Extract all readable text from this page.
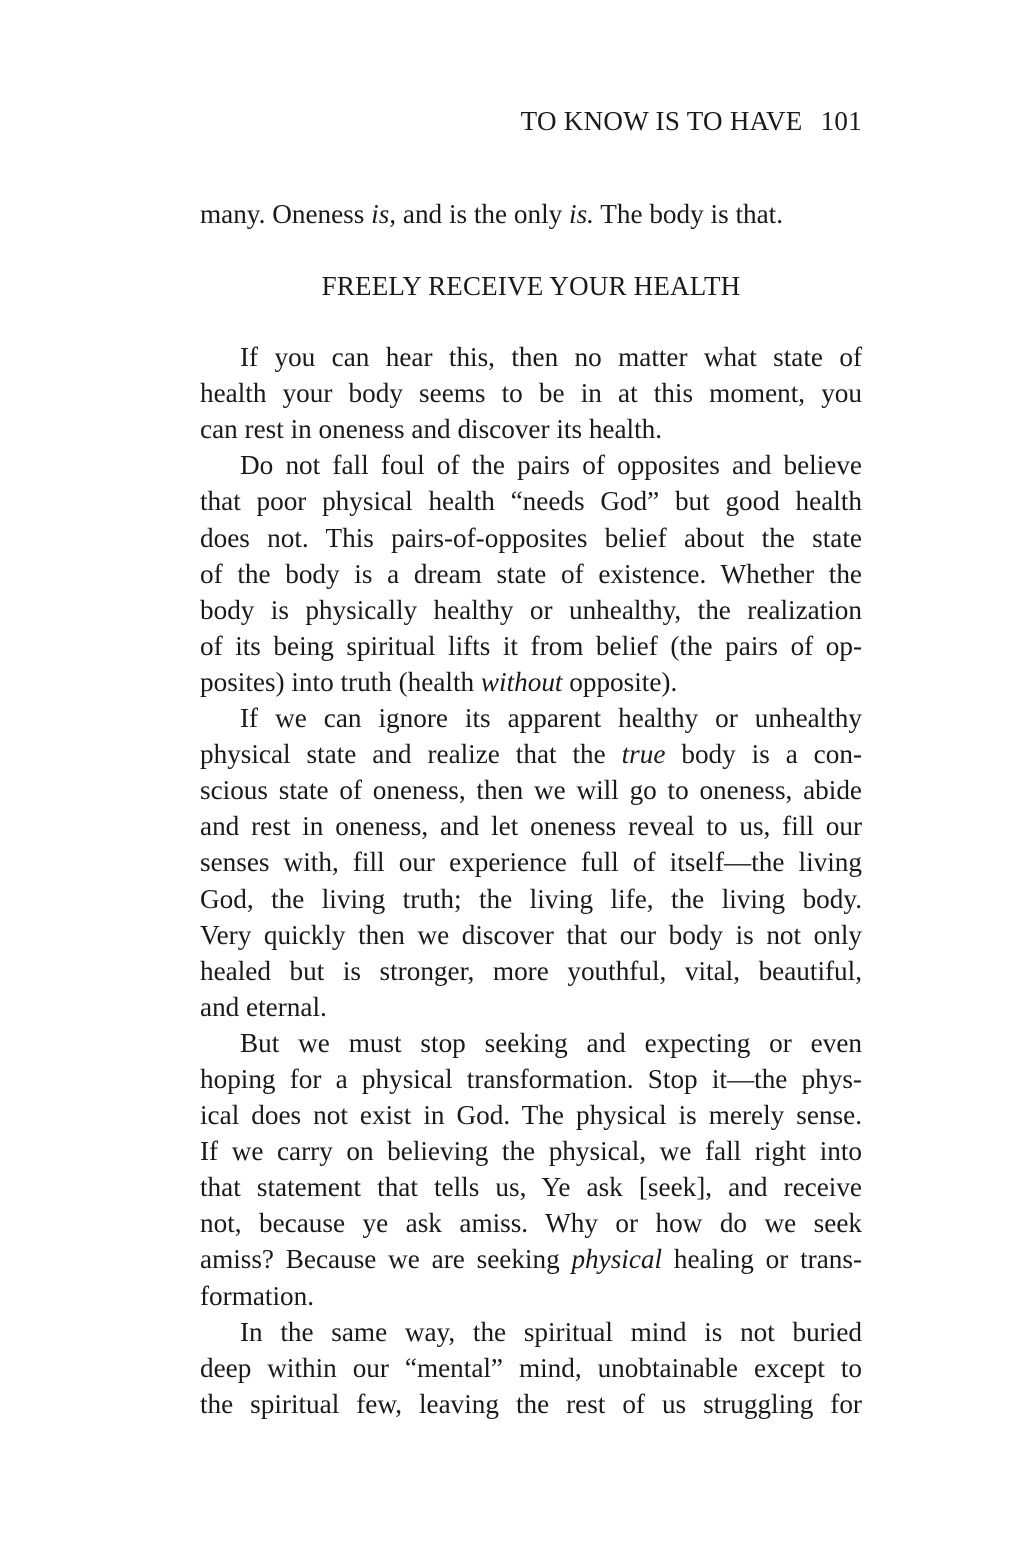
TO KNOW IS TO HAVE 101
many. Oneness is, and is the only is. The body is that.
FREELY RECEIVE YOUR HEALTH
If you can hear this, then no matter what state of
health your body seems to be in at this moment, you
can rest in oneness and discover its health.
Do not fall foul of the pairs of opposites and believe
that poor physical health “needs God” but good health
does not. This pairs-of-opposites belief about the state
of the body is a dream state of existence. Whether the
body is physically healthy or unhealthy, the realization
of its being spiritual lifts it from belief (the pairs of op-
posites) into truth (health without opposite).
If we can ignore its apparent healthy or unhealthy
physical state and realize that the true body is a con-
scious state of oneness, then we will go to oneness, abide
and rest in oneness, and let oneness reveal to us, fill our
senses with, fill our experience full of itself—the living
God, the living truth; the living life, the living body.
Very quickly then we discover that our body is not only
healed but is stronger, more youthful, vital, beautiful,
and eternal.
But we must stop seeking and expecting or even
hoping for a physical transformation. Stop it—the phys-
ical does not exist in God. The physical is merely sense.
If we carry on believing the physical, we fall right into
that statement that tells us, Ye ask [seek], and receive
not, because ye ask amiss. Why or how do we seek
amiss? Because we are seeking physical healing or trans-
formation.
In the same way, the spiritual mind is not buried
deep within our “mental” mind, unobtainable except to
the spiritual few, leaving the rest of us struggling for
